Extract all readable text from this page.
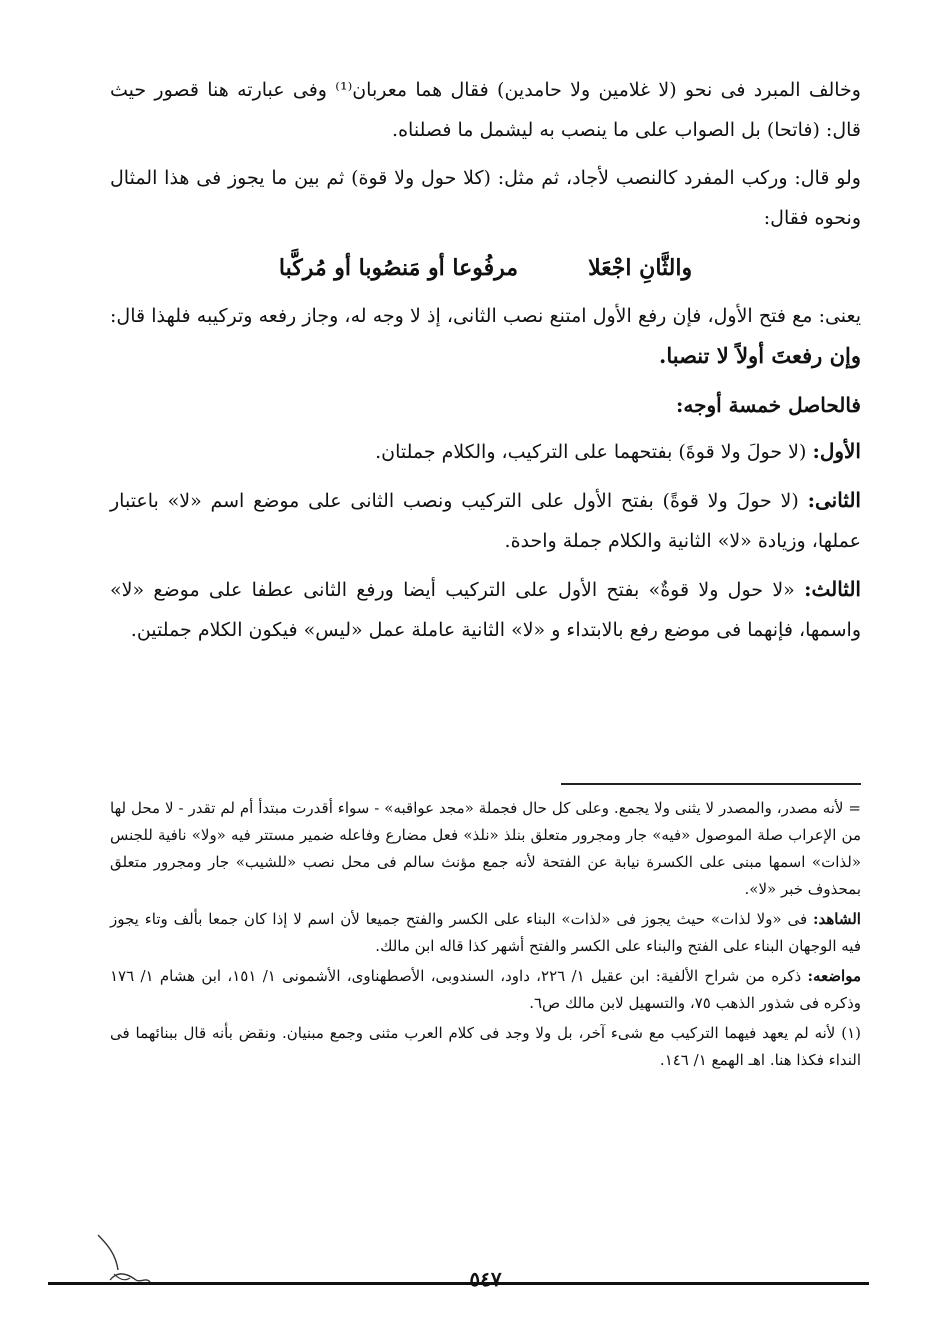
وخالف المبرد فى نحو (لا غلامين ولا حامدين) فقال هما معربان⁽¹⁾ وفى عبارته هنا قصور حيث قال: (فاتحا) بل الصواب على ما ينصب به ليشمل ما فصلناه.

ولو قال: وركب المفرد كالنصب لأجاد، ثم مثل: (كلا حول ولا قوة) ثم بين ما يجوز فى هذا المثال ونحوه فقال:

والثَّانِ اجْعَلا
مرفُوعا أو مَنصُوبا أو مُركَّبا

يعنى: مع فتح الأول، فإن رفع الأول امتنع نصب الثانى، إذ لا وجه له، وجاز رفعه وتركيبه فلهذا قال: وإن رفعتَ أولاً لا تنصبا.

فالحاصل خمسة أوجه:

الأول: (لا حولَ ولا قوةَ) بفتحهما على التركيب، والكلام جملتان.

الثانى: (لا حولَ ولا قوةً) بفتح الأول على التركيب ونصب الثانى على موضع اسم «لا» باعتبار عملها، وزيادة «لا» الثانية والكلام جملة واحدة.

الثالث: «لا حول ولا قوةٌ» بفتح الأول على التركيب أيضا ورفع الثانى عطفا على موضع «لا» واسمها، فإنهما فى موضع رفع بالابتداء و «لا» الثانية عاملة عمل «ليس» فيكون الكلام جملتين.

= لأنه مصدر، والمصدر لا يثنى ولا يجمع. وعلى كل حال فجملة «مجد عواقبه» - سواء أقدرت مبتدأ أم لم تقدر - لا محل لها من الإعراب صلة الموصول «فيه» جار ومجرور متعلق بنلذ «نلذ» فعل مضارع وفاعله ضمير مستتر فيه «ولا» نافية للجنس «لذات» اسمها مبنى على الكسرة نيابة عن الفتحة لأنه جمع مؤنث سالم فى محل نصب «للشيب» جار ومجرور متعلق بمحذوف خبر «لا».

الشاهد: فى «ولا لذات» حيث يجوز فى «لذات» البناء على الكسر والفتح جميعا لأن اسم لا إذا كان جمعا بألف وتاء يجوز فيه الوجهان البناء على الفتح والبناء على الكسر والفتح أشهر كذا قاله ابن مالك.

مواضعه: ذكره من شراح الألفية: ابن عقيل ١/ ٢٢٦، داود، السندوبى، الأصطهناوى، الأشمونى ١/ ١٥١، ابن هشام ١/ ١٧٦ وذكره فى شذور الذهب ٧٥، والتسهيل لابن مالك ص٦.

(١) لأنه لم يعهد فيهما التركيب مع شىء آخر، بل ولا وجد فى كلام العرب مثنى وجمع مبنيان. ونقض بأنه قال ببنائهما فى النداء فكذا هنا. اهـ الهمع ١/ ١٤٦.

٥٤٧
